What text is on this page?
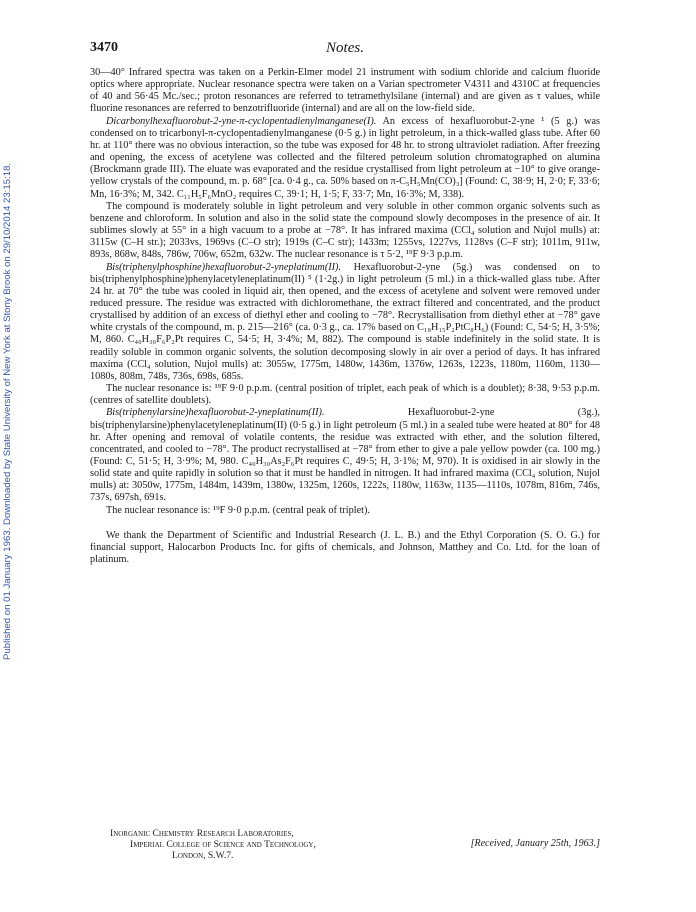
Published on 01 January 1963. Downloaded by State University of New York at Stony Brook on 29/10/2014 23:15:18.
3470	Notes.

30—40° Infrared spectra was taken on a Perkin-Elmer model 21 instrument with sodium chloride and calcium fluoride optics where appropriate. Nuclear resonance spectra were taken on a Varian spectrometer V4311 and 4310C at frequencies of 40 and 56·45 Mc./sec.; proton resonances are referred to tetramethylsilane (internal) and are given as τ values, while fluorine resonances are referred to benzotrifluoride (internal) and are all on the low-field side.

Dicarbonylhexafluorobut-2-yne-π-cyclopentadienylmanganese(I). An excess of hexafluorobut-2-yne ¹ (5 g.) was condensed on to tricarbonyl-π-cyclopentadienylmanganese (0·5 g.) in light petroleum, in a thick-walled glass tube. After 60 hr. at 110° there was no obvious interaction, so the tube was exposed for 48 hr. to strong ultraviolet radiation. After freezing and opening, the excess of acetylene was collected and the filtered petroleum solution chromatographed on alumina (Brockmann grade III). The eluate was evaporated and the residue crystallised from light petroleum at −10° to give orange-yellow crystals of the compound, m. p. 68° [ca. 0·4 g., ca. 50% based on π-C₅H₅Mn(CO)₃] (Found: C, 38·9; H, 2·0; F, 33·6; Mn, 16·3%; M, 342. C₁₁H₅F₆MnO₂ requires C, 39·1; H, 1·5; F, 33·7; Mn, 16·3%; M, 338).

The compound is moderately soluble in light petroleum and very soluble in other common organic solvents such as benzene and chloroform. In solution and also in the solid state the compound slowly decomposes in the presence of air. It sublimes slowly at 55° in a high vacuum to a probe at −78°. It has infrared maxima (CCl₄ solution and Nujol mulls) at: 3115w (C–H str.); 2033vs, 1969vs (C–O str); 1919s (C–C str); 1433m; 1255vs, 1227vs, 1128vs (C–F str); 1011m, 911w, 893s, 868w, 848s, 786w, 706w, 652m, 632w. The nuclear resonance is τ 5·2, ¹⁹F 9·3 p.p.m.

Bis(triphenylphosphine)hexafluorobut-2-yneplatinum(II). Hexafluorobut-2-yne (5g.) was condensed on to bis(triphenylphosphine)phenylacetyleneplatinum(II) ⁵ (1·2g.) in light petroleum (5 ml.) in a thick-walled glass tube. After 24 hr. at 70° the tube was cooled in liquid air, then opened, and the excess of acetylene and solvent were removed under reduced pressure. The residue was extracted with dichloromethane, the extract filtered and concentrated, and the product crystallised by addition of an excess of diethyl ether and cooling to −78°. Recrystallisation from diethyl ether at −78° gave white crystals of the compound, m. p. 215—216° (ca. 0·3 g., ca. 17% based on C₁₈H₁₅P₂PtC₈H₆) (Found: C, 54·5; H, 3·5%; M, 860. C₄₀H₃₀F₆P₂Pt requires C, 54·5; H, 3·4%; M, 882). The compound is stable indefinitely in the solid state. It is readily soluble in common organic solvents, the solution decomposing slowly in air over a period of days. It has infrared maxima (CCl₄ solution, Nujol mulls) at: 3055w, 1775m, 1480w, 1436m, 1376w, 1263s, 1223s, 1180m, 1160m, 1130—1080s, 808m, 748s, 736s, 698s, 685s.

The nuclear resonance is: ¹⁹F 9·0 p.p.m. (central position of triplet, each peak of which is a doublet); 8·38, 9·53 p.p.m. (centres of satellite doublets).

Bis(triphenylarsine)hexafluorobut-2-yneplatinum(II). Hexafluorobut-2-yne (3g.), bis(triphenylarsine)phenylacetyleneplatinum(II) (0·5 g.) in light petroleum (5 ml.) in a sealed tube were heated at 80° for 48 hr. After opening and removal of volatile contents, the residue was extracted with ether, and the solution filtered, concentrated, and cooled to −78°. The product recrystallised at −78° from ether to give a pale yellow powder (ca. 100 mg.) (Found: C, 51·5; H, 3·9%; M, 980. C₄₀H₃₀As₂F₆Pt requires C, 49·5; H, 3·1%; M, 970). It is oxidised in air slowly in the solid state and quite rapidly in solution so that it must be handled in nitrogen. It had infrared maxima (CCl₄ solution, Nujol mulls) at: 3050w, 1775m, 1484m, 1439m, 1380w, 1325m, 1260s, 1222s, 1180w, 1163w, 1135—1110s, 1078m, 816m, 746s, 737s, 697sh, 691s.

The nuclear resonance is: ¹⁹F 9·0 p.p.m. (central peak of triplet).

We thank the Department of Scientific and Industrial Research (J. L. B.) and the Ethyl Corporation (S. O. G.) for financial support, Halocarbon Products Inc. for gifts of chemicals, and Johnson, Matthey and Co. Ltd. for the loan of platinum.

Inorganic Chemistry Research Laboratories,
Imperial College of Science and Technology,
London, S.W.7.
[Received, January 25th, 1963.]
